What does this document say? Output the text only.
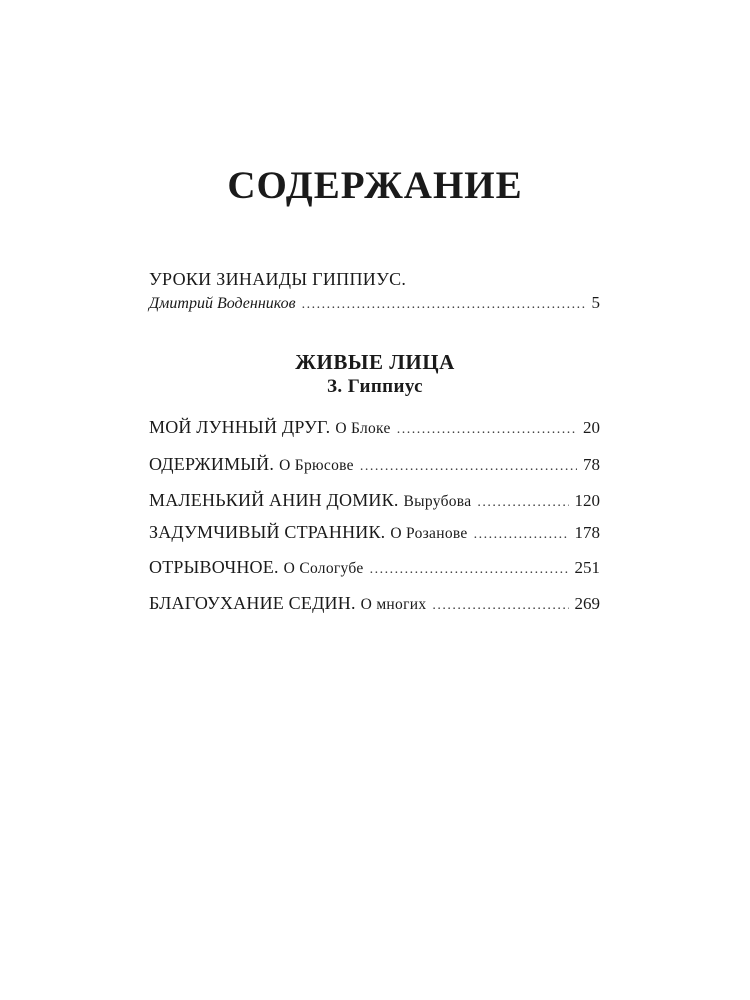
СОДЕРЖАНИЕ
УРОКИ ЗИНАИДЫ ГИППИУС.
Дмитрий Воденников . . .	5
ЖИВЫЕ ЛИЦА
З. Гиппиус
МОЙ ЛУННЫЙ ДРУГ. О Блоке . . .	20
ОДЕРЖИМЫЙ. О Брюсове . . .	78
МАЛЕНЬКИЙ АНИН ДОМИК. Вырубова . . .	120
ЗАДУМЧИВЫЙ СТРАННИК. О Розанове . . .	178
ОТРЫВОЧНОЕ. О Сологубе . . .	251
БЛАГОУХАНИЕ СЕДИН. О многих . . .	269
